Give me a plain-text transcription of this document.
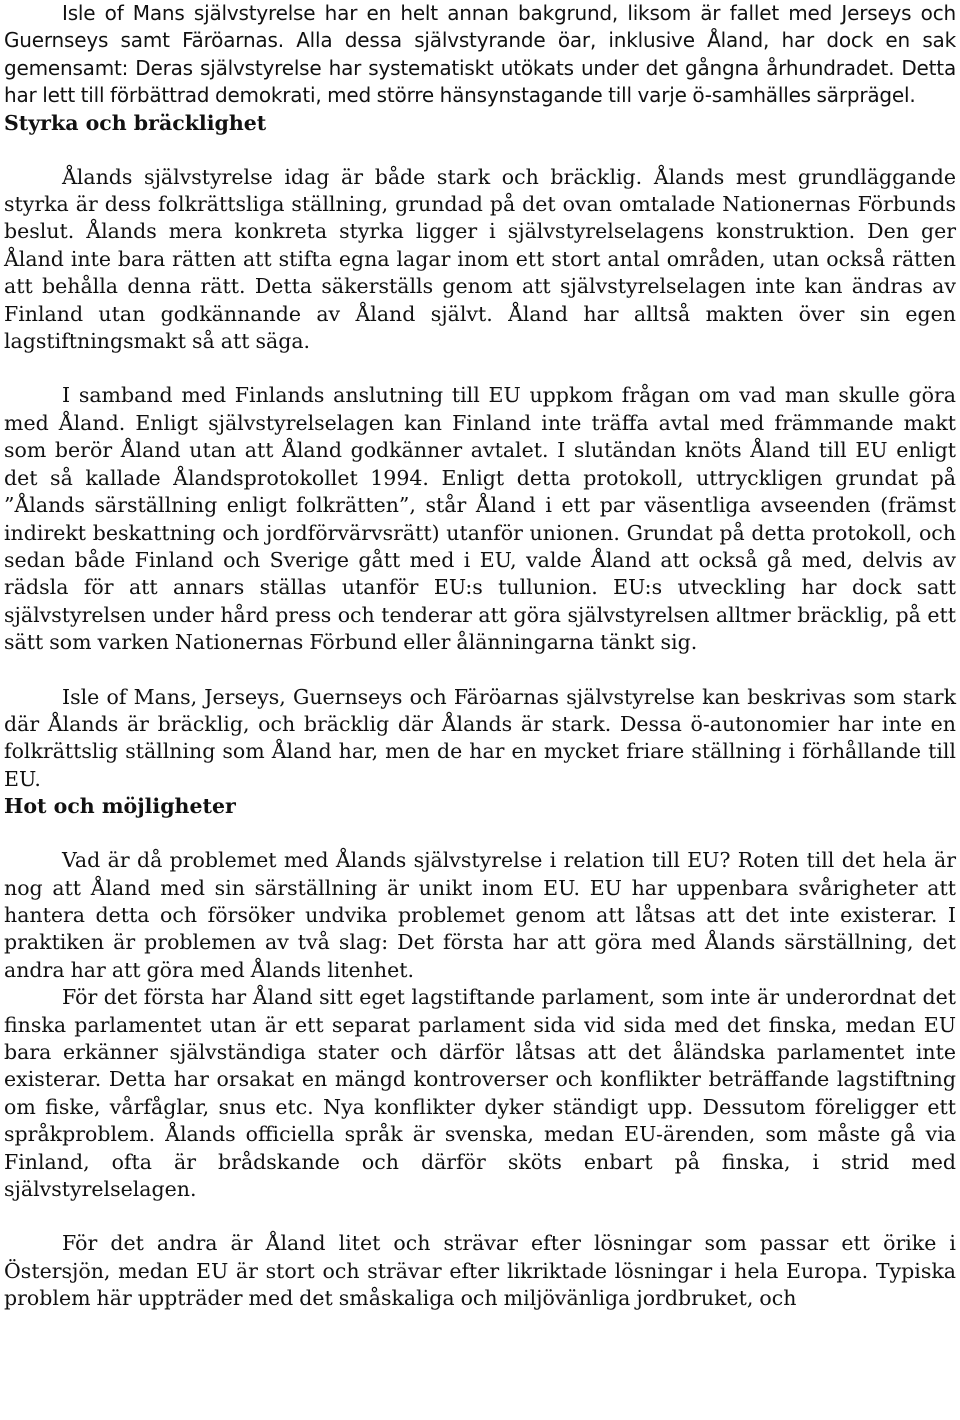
Isle of Mans självstyrelse har en helt annan bakgrund, liksom är fallet med Jerseys och Guernseys samt Färöarnas. Alla dessa självstyrande öar, inklusive Åland, har dock en sak gemensamt: Deras självstyrelse har systematiskt utökats under det gångna århundradet. Detta har lett till förbättrad demokrati, med större hänsynstagande till varje ö-samhälles särprägel.

Styrka och bräcklighet

Ålands självstyrelse idag är både stark och bräcklig. Ålands mest grundläggande styrka är dess folkrättsliga ställning, grundad på det ovan omtalade Nationernas Förbunds beslut. Ålands mera konkreta styrka ligger i självstyrelselagens konstruktion. Den ger Åland inte bara rätten att stifta egna lagar inom ett stort antal områden, utan också rätten att behålla denna rätt. Detta säkerställs genom att självstyrelselagen inte kan ändras av Finland utan godkännande av Åland självt. Åland har alltså makten över sin egen lagstiftningsmakt så att säga.

I samband med Finlands anslutning till EU uppkom frågan om vad man skulle göra med Åland. Enligt självstyrelselagen kan Finland inte träffa avtal med främmande makt som berör Åland utan att Åland godkänner avtalet. I slutändan knöts Åland till EU enligt det så kallade Ålandsprotokollet 1994. Enligt detta protokoll, uttryckligen grundat på ”Ålands särställning enligt folkrätten”, står Åland i ett par väsentliga avseenden (främst indirekt beskattning och jordförvärvsrätt) utanför unionen. Grundat på detta protokoll, och sedan både Finland och Sverige gått med i EU, valde Åland att också gå med, delvis av rädsla för att annars ställas utanför EU:s tullunion. EU:s utveckling har dock satt självstyrelsen under hård press och tenderar att göra självstyrelsen alltmer bräcklig, på ett sätt som varken Nationernas Förbund eller ålänningarna tänkt sig.

Isle of Mans, Jerseys, Guernseys och Färöarnas självstyrelse kan beskrivas som stark där Ålands är bräcklig, och bräcklig där Ålands är stark. Dessa ö-autonomier har inte en folkrättslig ställning som Åland har, men de har en mycket friare ställning i förhållande till EU.

Hot och möjligheter

Vad är då problemet med Ålands självstyrelse i relation till EU? Roten till det hela är nog att Åland med sin särställning är unikt inom EU. EU har uppenbara svårigheter att hantera detta och försöker undvika problemet genom att låtsas att det inte existerar. I praktiken är problemen av två slag: Det första har att göra med Ålands särställning, det andra har att göra med Ålands litenhet.

För det första har Åland sitt eget lagstiftande parlament, som inte är underordnat det finska parlamentet utan är ett separat parlament sida vid sida med det finska, medan EU bara erkänner självständiga stater och därför låtsas att det åländska parlamentet inte existerar. Detta har orsakat en mängd kontroverser och konflikter beträffande lagstiftning om fiske, vårfåglar, snus etc. Nya konflikter dyker ständigt upp. Dessutom föreligger ett språkproblem. Ålands officiella språk är svenska, medan EU-ärenden, som måste gå via Finland, ofta är brådskande och därför sköts enbart på finska, i strid med självstyrelselagen.

För det andra är Åland litet och strävar efter lösningar som passar ett örike i Östersjön, medan EU är stort och strävar efter likriktade lösningar i hela Europa. Typiska problem här uppträder med det småskaliga och miljövänliga jordbruket, och
